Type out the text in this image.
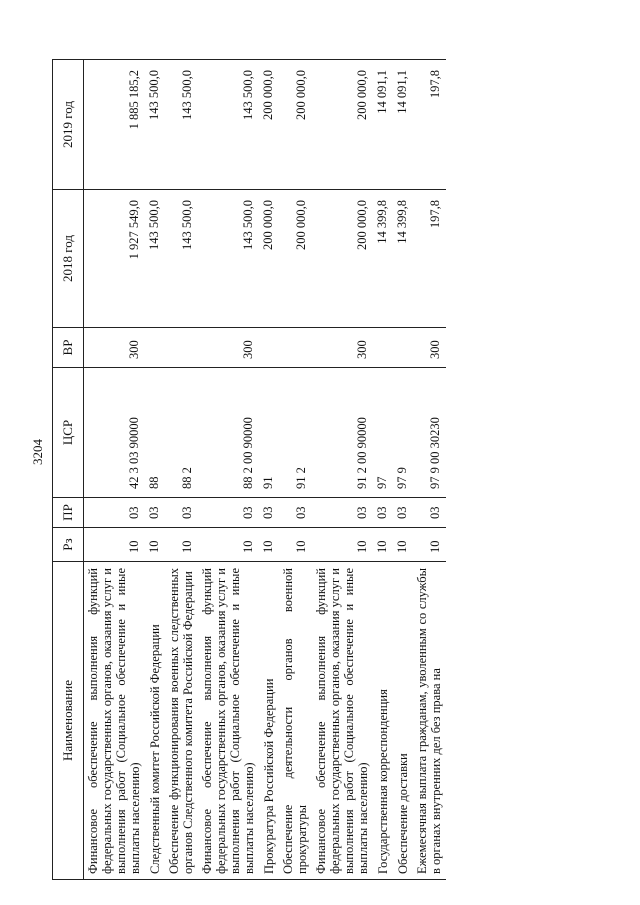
3204
Наименование	Рз	ПР	ЦСР	ВР	2018 год	2019 год
Финансовое обеспечение выполнения функций федеральных государственных органов, оказания услуг и выполнения работ (Социальное обеспечение и иные выплаты населению)	10	03	42 3 03 90000	300	1 927 549,0	1 885 185,2
Следственный комитет Российской Федерации	10	03	88		143 500,0	143 500,0
Обеспечение функционирования военных следственных органов Следственного комитета Российской Федерации	10	03	88 2		143 500,0	143 500,0
Финансовое обеспечение выполнения функций федеральных государственных органов, оказания услуг и выполнения работ (Социальное обеспечение и иные выплаты населению)	10	03	88 2 00 90000	300	143 500,0	143 500,0
Прокуратура Российской Федерации	10	03	91		200 000,0	200 000,0
Обеспечение деятельности органов военной прокуратуры	10	03	91 2		200 000,0	200 000,0
Финансовое обеспечение выполнения функций федеральных государственных органов, оказания услуг и выполнения работ (Социальное обеспечение и иные выплаты населению)	10	03	91 2 00 90000	300	200 000,0	200 000,0
Государственная корреспонденция	10	03	97		14 399,8	14 091,1
Обеспечение доставки	10	03	97 9		14 399,8	14 091,1
Ежемесячная выплата гражданам, уволенным со службы в органах внутренних дел без права на	10	03	97 9 00 30230	300	197,8	197,8
